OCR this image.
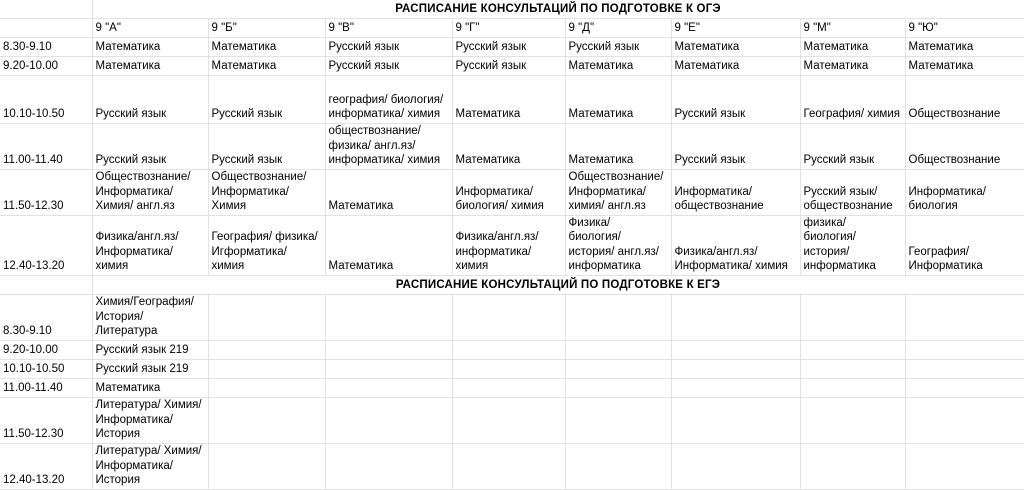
	РАСПИСАНИЕ КОНСУЛЬТАЦИЙ ПО ПОДГОТОВКЕ К ОГЭ							
	9 "А"	9 "Б"	9 "В"	9 "Г"	9 "Д"	9 "Е"	9 "М"	9 "Ю"
8.30-9.10	Математика	Математика	Русский язык	Русский язык	Русский язык	Математика	Математика	Математика
9.20-10.00	Математика	Математика	Русский язык	Русский язык	Математика	Математика	Математика	Математика
10.10-10.50	Русский язык	Русский язык	география/ биология/
информатика/ химия	Математика	Математика	Русский язык	География/ химия	Обществознание
11.00-11.40	Русский язык	Русский язык	обществознание/
физика/ англ.яз/
информатика/ химия	Математика	Математика	Русский язык	Русский язык	Обществознание
11.50-12.30	Обществознание/
Информатика/
Химия/ англ.яз	Обществознание/
Информатика/
Химия	Математика	Информатика/
биология/ химия	Обществознание/
Информатика/
химия/ англ.яз	Информатика/
обществознание	Русский язык/
обществознание	Информатика/
биология
12.40-13.20	Физика/англ.яз/
Информатика/
химия	География/ физика/
Игформатика/ химия	Математика	Физика/англ.яз/
информатика/
химия	Физика/
биология/
история/ англ.яз/
информатика	Физика/англ.яз/
Информатика/ химия	физика/ биология/
история/
информатика	География/
Информатика
	РАСПИСАНИЕ КОНСУЛЬТАЦИЙ ПО ПОДГОТОВКЕ К ЕГЭ							
8.30-9.10	Химия/География/
История/
Литература							
9.20-10.00	Русский язык 219							
10.10-10.50	Русский язык 219							
11.00-11.40	Математика							
11.50-12.30	Литература/ Химия/
Информатика/
История							
12.40-13.20	Литература/ Химия/
Информатика/
История							
